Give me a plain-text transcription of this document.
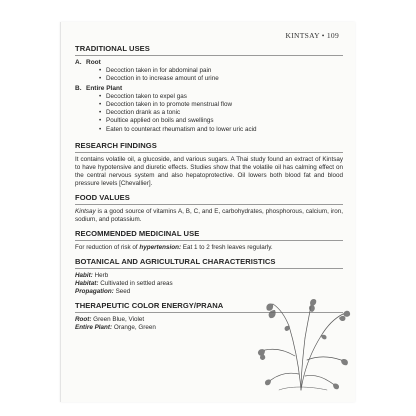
KINTSAY • 109
TRADITIONAL USES
A. Root
• Decoction taken in for abdominal pain
• Decoction in to increase amount of urine
B. Entire Plant
• Decoction taken to expel gas
• Decoction taken in to promote menstrual flow
• Decoction drank as a tonic
• Poultice applied on boils and swellings
• Eaten to counteract rheumatism and to lower uric acid
RESEARCH FINDINGS
It contains volatile oil, a glucoside, and various sugars. A Thai study found an extract of Kintsay to have hypotensive and diuretic effects. Studies show that the volatile oil has calming effect on the central nervous system and also hepatoprotective. Oil lowers both blood fat and blood pressure levels [Chevallier].
FOOD VALUES
Kintsay is a good source of vitamins A, B, C, and E, carbohydrates, phosphorous, calcium, iron, sodium, and potassium.
RECOMMENDED MEDICINAL USE
For reduction of risk of hypertension: Eat 1 to 2 fresh leaves regularly.
BOTANICAL AND AGRICULTURAL CHARACTERISTICS
Habit: Herb
Habitat: Cultivated in settled areas
Propagation: Seed
THERAPEUTIC COLOR ENERGY/PRANA
Root: Green Blue, Violet
Entire Plant: Orange, Green
